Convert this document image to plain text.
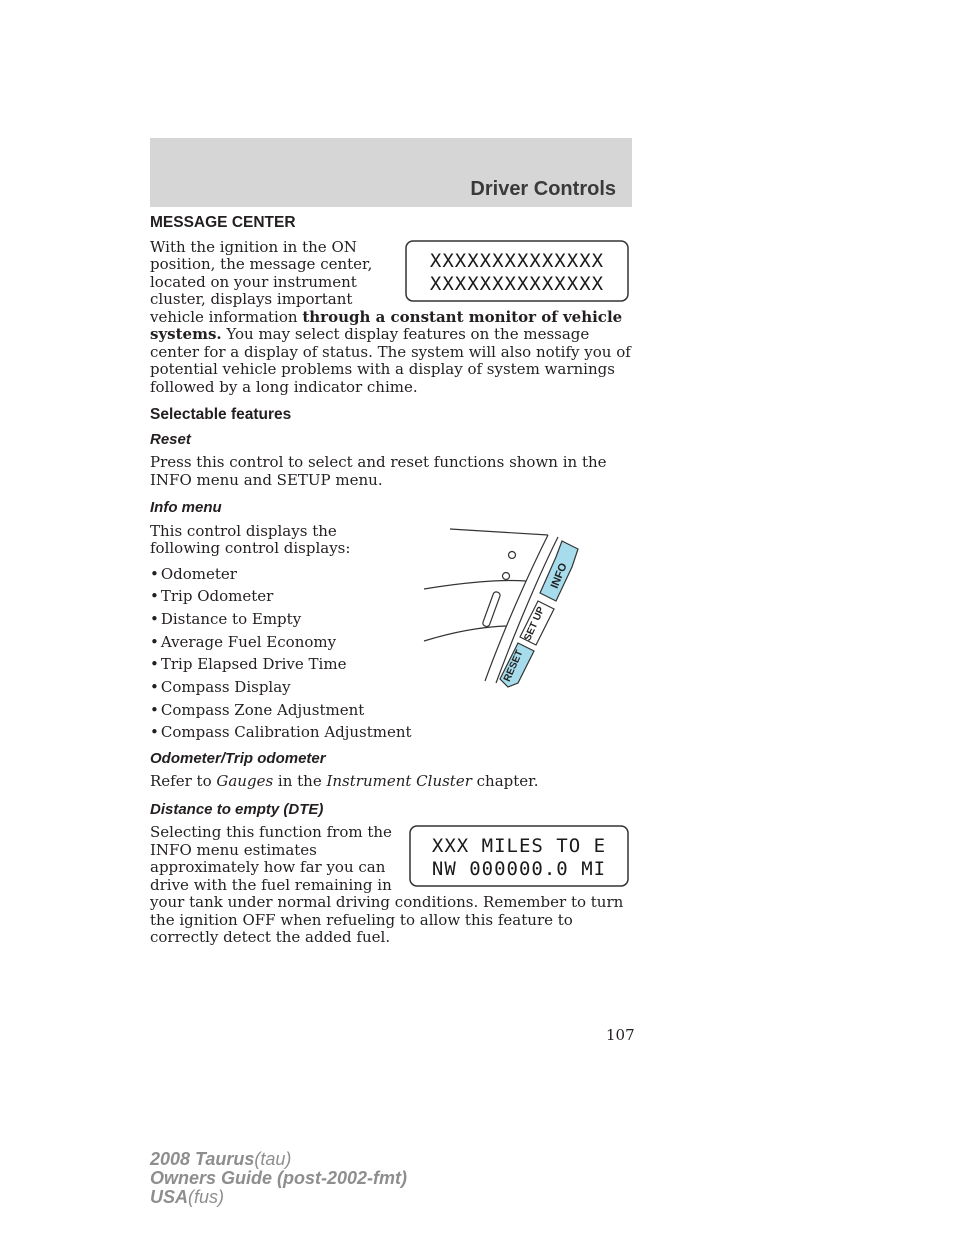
Driver Controls
MESSAGE CENTER
XXXXXXXXXXXXXX
XXXXXXXXXXXXXX

With the ignition in the ON position, the message center, located on your instrument cluster, displays important vehicle information through a constant monitor of vehicle systems. You may select display features on the message center for a display of status. The system will also notify you of potential vehicle problems with a display of system warnings followed by a long indicator chime.

Selectable features
Reset

Press this control to select and reset functions shown in the INFO menu and SETUP menu.

Info menu
INFO
SET UP
RESET

This control displays the following control displays:

• Odometer
• Trip Odometer
• Distance to Empty
• Average Fuel Economy
• Trip Elapsed Drive Time
• Compass Display
• Compass Zone Adjustment
• Compass Calibration Adjustment
Odometer/Trip odometer

Refer to Gauges in the Instrument Cluster chapter.

Distance to empty (DTE)
XXX MILES TO E
NW 000000.0 MI

Selecting this function from the INFO menu estimates approximately how far you can drive with the fuel remaining in your tank under normal driving conditions. Remember to turn the ignition OFF when refueling to allow this feature to correctly detect the added fuel.

107
2008 Taurus(tau)
Owners Guide (post-2002-fmt)
USA(fus)
